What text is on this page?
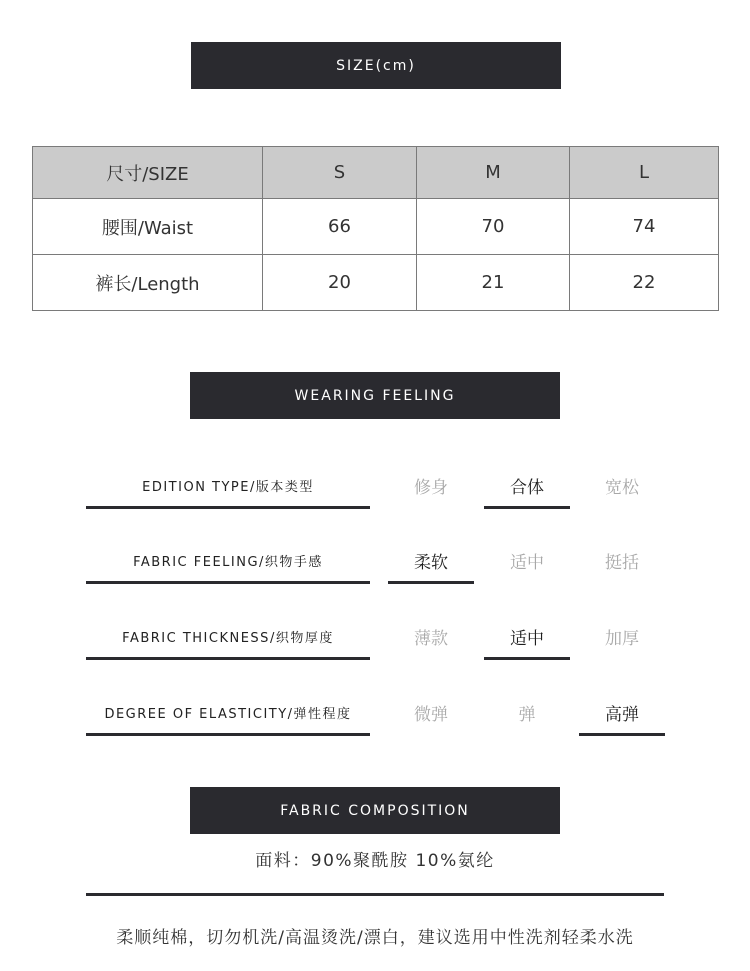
SIZE(cm)
尺寸/SIZE	S	M	L
腰围/Waist	66	70	74
裤长/Length	20	21	22
WEARING FEELING
EDITION TYPE/版本类型	修身	合体	宽松
FABRIC FEELING/织物手感	柔软	适中	挺括
FABRIC THICKNESS/织物厚度	薄款	适中	加厚
DEGREE OF ELASTICITY/弹性程度	微弹	弹	高弹
FABRIC COMPOSITION
面料：90%聚酰胺 10%氨纶
柔顺纯棉，切勿机洗/高温烫洗/漂白，建议选用中性洗剂轻柔水洗
